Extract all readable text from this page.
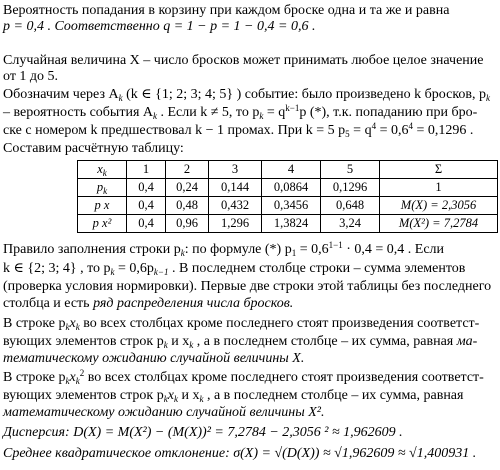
Вероятность попадания в корзину при каждом броске одна и та же и равна
p = 0,4 . Соответственно q = 1 − p = 1 − 0,4 = 0,6 .
Случайная величина X – число бросков может принимать любое целое значение
от 1 до 5.
Обозначим через $A_k$ (k ∈ {1; 2; 3; 4; 5} ) событие: было произведено k бросков, $p_k$
– вероятность события $A_k$ . Если k ≠ 5, то $p_k = q^{k-1}p$ (*), т.к. попаданию при бро-
ске с номером k предшествовал k − 1 промах. При k = 5 $p_5 = q^4 = 0,6^4 = 0,1296$ .
Составим расчётную таблицу:
$x_k$	1	2	3	4	5	Σ
$p_k$	0,4	0,24	0,144	0,0864	0,1296	1
p x	0,4	0,48	0,432	0,3456	0,648	M(X) = 2,3056
p x²	0,4	0,96	1,296	1,3824	3,24	M(X²) = 7,2784
Правило заполнения строки $p_k$: по формуле (*) $p_1 = 0,6^{1-1} \cdot 0,4 = 0,4$ . Если
k ∈ {2; 3; 4} , то $p_k = 0,6p_{k-1}$ . В последнем столбце строки – сумма элементов
(проверка условия нормировки). Первые две строки этой таблицы без последнего
столбца и есть ряд распределения числа бросков.
В строке $p_kx_k$ во всех столбцах кроме последнего стоят произведения соответст-
вующих элементов строк $p_k$ и $x_k$ , а в последнем столбце – их сумма, равная ма-
тематическому ожиданию случайной величины X.
В строке $p_kx_k^2$ во всех столбцах кроме последнего стоят произведения соответст-
вующих элементов строк $p_kx_k$ и $x_k$ , а в последнем столбце – их сумма, равная
математическому ожиданию случайной величины X².
Дисперсия: D(X) = M(X²) − (M(X))² = 7,2784 − 2,3056 ² ≈ 1,962609 .
Среднее квадратическое отклонение: σ(X) = √(D(X)) ≈ √1,962609 ≈ √1,400931 .
